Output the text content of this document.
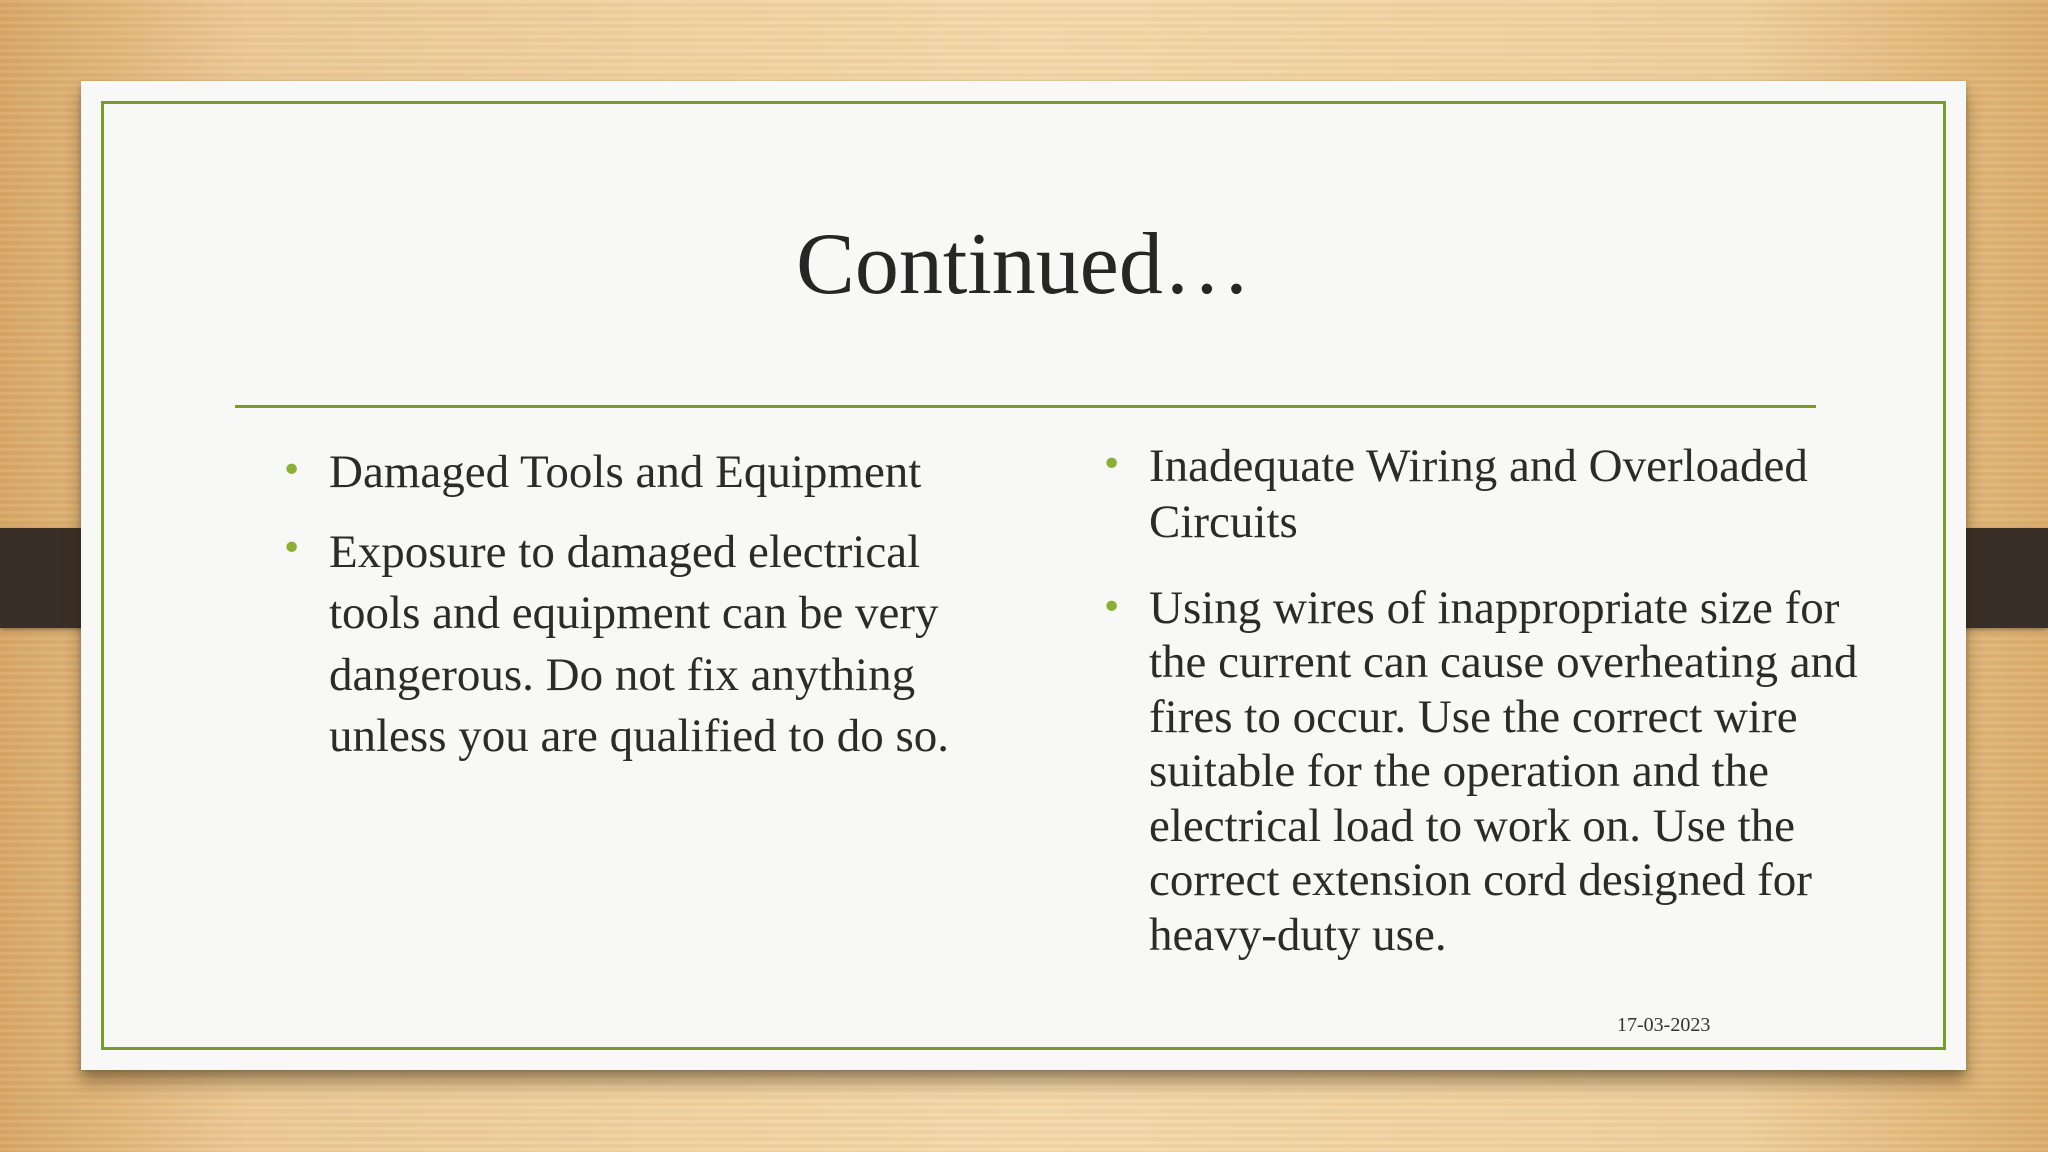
Continued…
• Damaged Tools and Equipment
• Exposure to damaged electrical tools and equipment can be very dangerous. Do not fix anything unless you are qualified to do so.
• Inadequate Wiring and Overloaded Circuits
• Using wires of inappropriate size for the current can cause overheating and fires to occur. Use the correct wire suitable for the operation and the electrical load to work on. Use the correct extension cord designed for heavy-duty use.
17-03-2023
